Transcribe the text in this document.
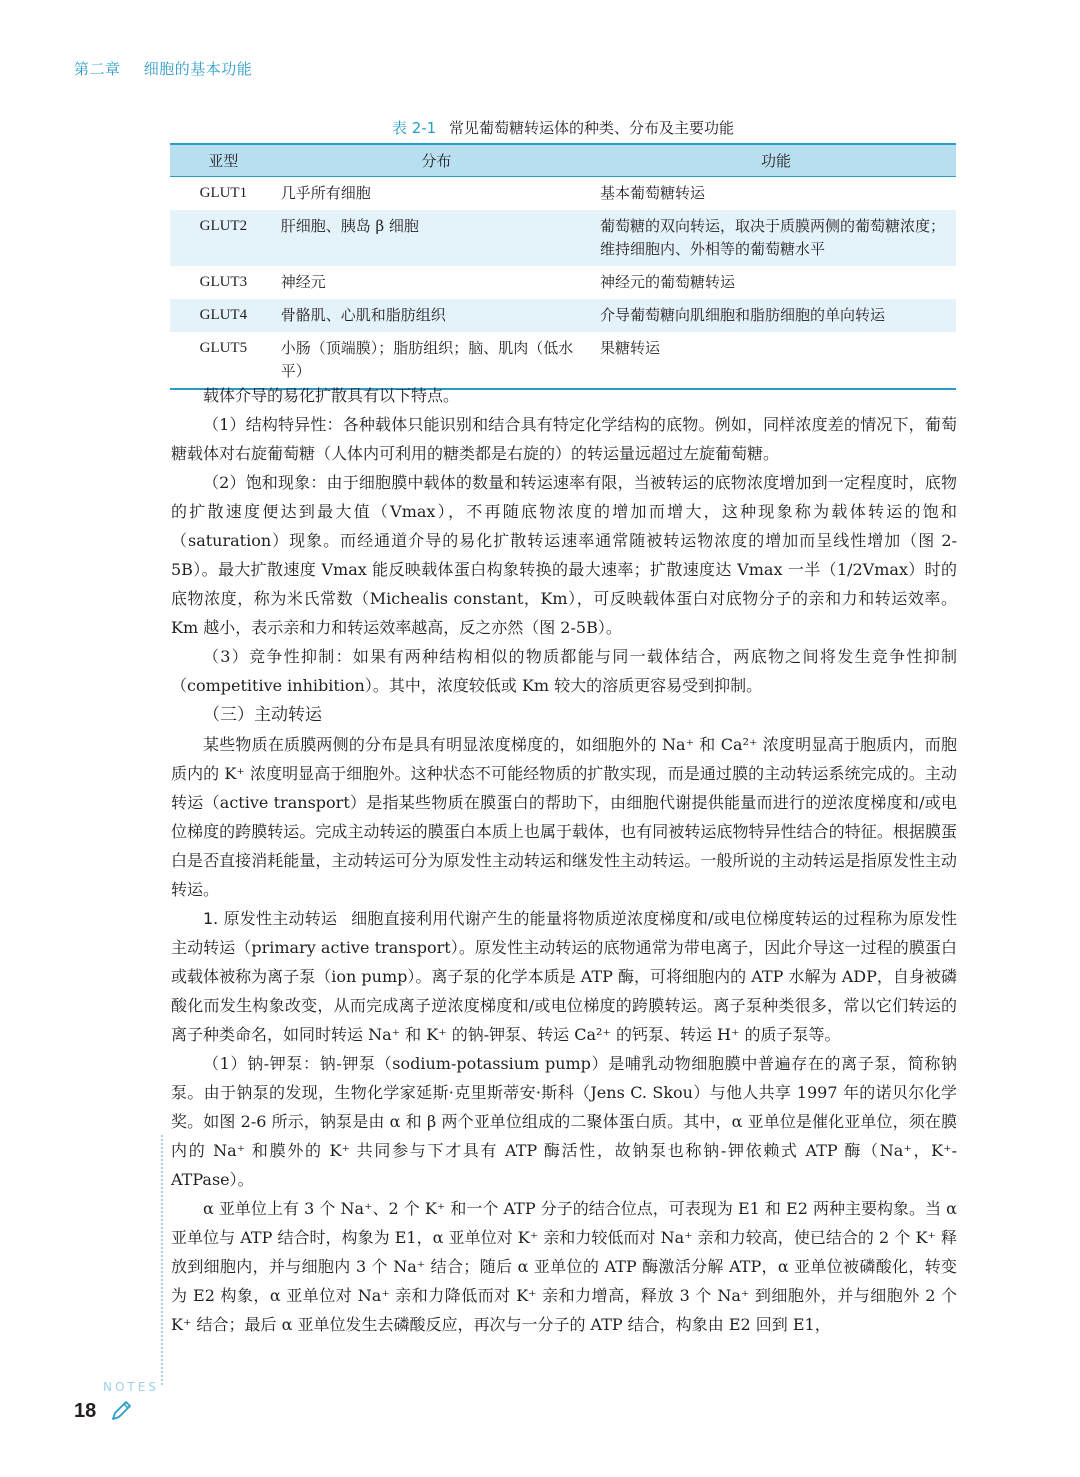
第二章 细胞的基本功能
表 2-1 常见葡萄糖转运体的种类、分布及主要功能
亚型	分布	功能
GLUT1	几乎所有细胞	基本葡萄糖转运
GLUT2	肝细胞、胰岛 β 细胞	葡萄糖的双向转运，取决于质膜两侧的葡萄糖浓度；维持细胞内、外相等的葡萄糖水平
GLUT3	神经元	神经元的葡萄糖转运
GLUT4	骨骼肌、心肌和脂肪组织	介导葡萄糖向肌细胞和脂肪细胞的单向转运
GLUT5	小肠（顶端膜）；脂肪组织；脑、肌肉（低水平）	果糖转运

载体介导的易化扩散具有以下特点。

（1）结构特异性：各种载体只能识别和结合具有特定化学结构的底物。例如，同样浓度差的情况下，葡萄糖载体对右旋葡萄糖（人体内可利用的糖类都是右旋的）的转运量远超过左旋葡萄糖。

（2）饱和现象：由于细胞膜中载体的数量和转运速率有限，当被转运的底物浓度增加到一定程度时，底物的扩散速度便达到最大值（Vmax），不再随底物浓度的增加而增大，这种现象称为载体转运的饱和（saturation）现象。而经通道介导的易化扩散转运速率通常随被转运物浓度的增加而呈线性增加（图 2-5B）。最大扩散速度 Vmax 能反映载体蛋白构象转换的最大速率；扩散速度达 Vmax 一半（1/2Vmax）时的底物浓度，称为米氏常数（Michealis constant，Km），可反映载体蛋白对底物分子的亲和力和转运效率。Km 越小，表示亲和力和转运效率越高，反之亦然（图 2-5B）。

（3）竞争性抑制：如果有两种结构相似的物质都能与同一载体结合，两底物之间将发生竞争性抑制（competitive inhibition）。其中，浓度较低或 Km 较大的溶质更容易受到抑制。

（三）主动转运

某些物质在质膜两侧的分布是具有明显浓度梯度的，如细胞外的 Na⁺ 和 Ca²⁺ 浓度明显高于胞质内，而胞质内的 K⁺ 浓度明显高于细胞外。这种状态不可能经物质的扩散实现，而是通过膜的主动转运系统完成的。主动转运（active transport）是指某些物质在膜蛋白的帮助下，由细胞代谢提供能量而进行的逆浓度梯度和/或电位梯度的跨膜转运。完成主动转运的膜蛋白本质上也属于载体，也有同被转运底物特异性结合的特征。根据膜蛋白是否直接消耗能量，主动转运可分为原发性主动转运和继发性主动转运。一般所说的主动转运是指原发性主动转运。

1. 原发性主动转运 细胞直接利用代谢产生的能量将物质逆浓度梯度和/或电位梯度转运的过程称为原发性主动转运（primary active transport）。原发性主动转运的底物通常为带电离子，因此介导这一过程的膜蛋白或载体被称为离子泵（ion pump）。离子泵的化学本质是 ATP 酶，可将细胞内的 ATP 水解为 ADP，自身被磷酸化而发生构象改变，从而完成离子逆浓度梯度和/或电位梯度的跨膜转运。离子泵种类很多，常以它们转运的离子种类命名，如同时转运 Na⁺ 和 K⁺ 的钠-钾泵、转运 Ca²⁺ 的钙泵、转运 H⁺ 的质子泵等。

（1）钠-钾泵：钠-钾泵（sodium-potassium pump）是哺乳动物细胞膜中普遍存在的离子泵，简称钠泵。由于钠泵的发现，生物化学家延斯·克里斯蒂安·斯科（Jens C. Skou）与他人共享 1997 年的诺贝尔化学奖。如图 2-6 所示，钠泵是由 α 和 β 两个亚单位组成的二聚体蛋白质。其中，α 亚单位是催化亚单位，须在膜内的 Na⁺ 和膜外的 K⁺ 共同参与下才具有 ATP 酶活性，故钠泵也称钠-钾依赖式 ATP 酶（Na⁺，K⁺-ATPase）。

α 亚单位上有 3 个 Na⁺、2 个 K⁺ 和一个 ATP 分子的结合位点，可表现为 E1 和 E2 两种主要构象。当 α 亚单位与 ATP 结合时，构象为 E1，α 亚单位对 K⁺ 亲和力较低而对 Na⁺ 亲和力较高，使已结合的 2 个 K⁺ 释放到细胞内，并与细胞内 3 个 Na⁺ 结合；随后 α 亚单位的 ATP 酶激活分解 ATP，α 亚单位被磷酸化，转变为 E2 构象，α 亚单位对 Na⁺ 亲和力降低而对 K⁺ 亲和力增高，释放 3 个 Na⁺ 到细胞外，并与细胞外 2 个 K⁺ 结合；最后 α 亚单位发生去磷酸反应，再次与一分子的 ATP 结合，构象由 E2 回到 E1，

NOTES
18
